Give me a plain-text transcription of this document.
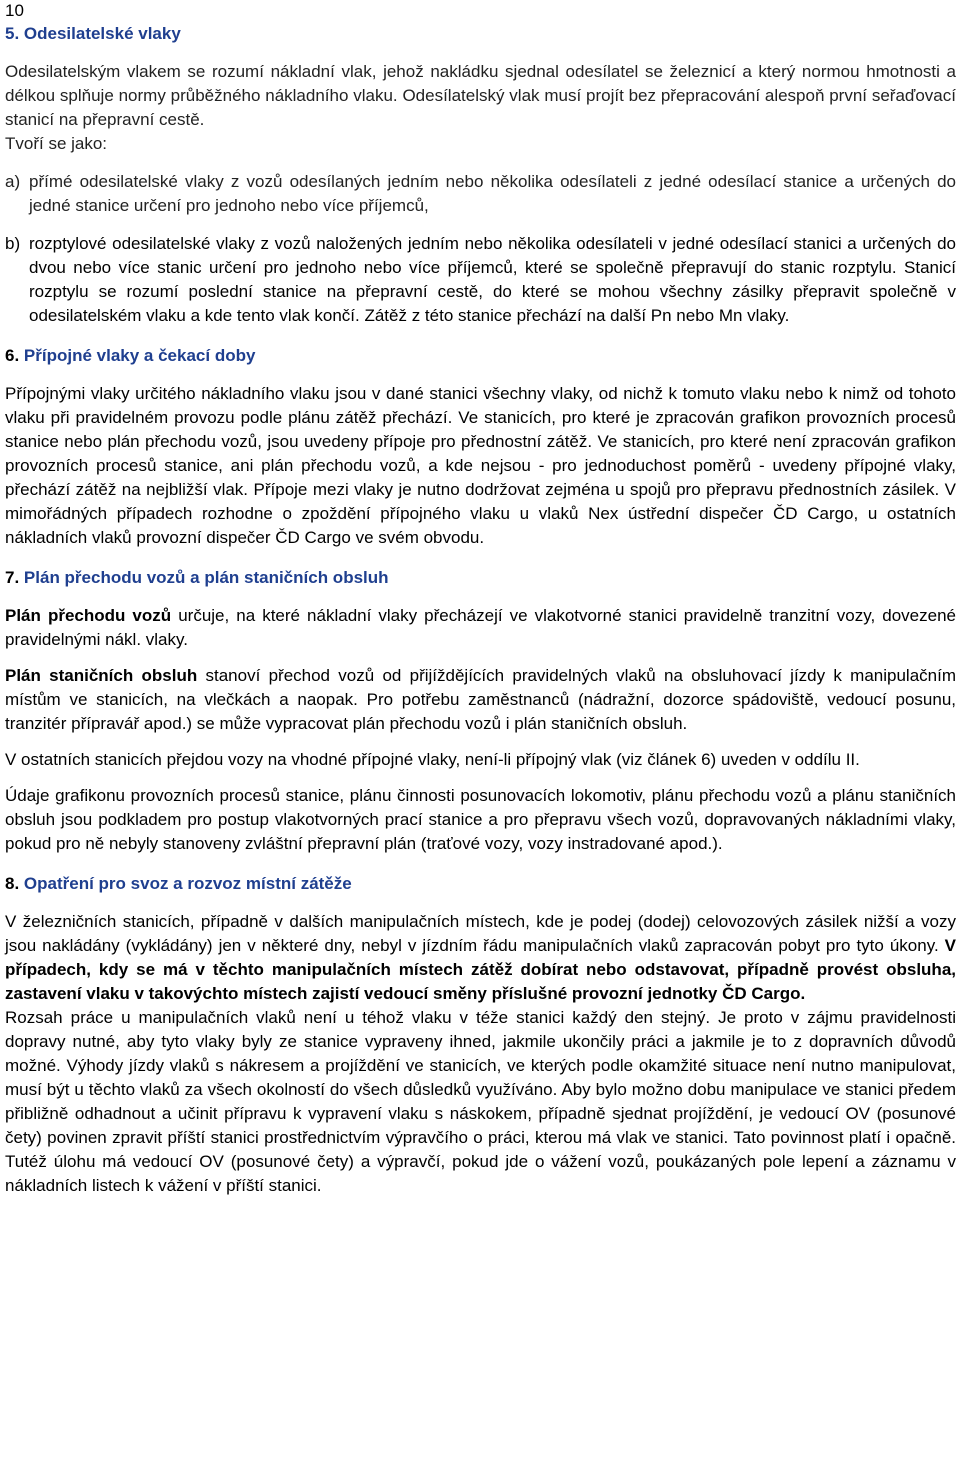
10
5. Odesilatelské vlaky

Odesilatelským vlakem se rozumí nákladní vlak, jehož nakládku sjednal odesílatel se železnicí a který normou hmotnosti a délkou splňuje normy průběžného nákladního vlaku. Odesílatelský vlak musí projít bez přepracování alespoň první seřaďovací stanicí na přepravní cestě.

Tvoří se jako:

a) přímé odesilatelské vlaky z vozů odesílaných jedním nebo několika odesílateli z jedné odesílací stanice a určených do jedné stanice určení pro jednoho nebo více příjemců,
b) rozptylové odesilatelské vlaky z vozů naložených jedním nebo několika odesílateli v jedné odesílací stanici a určených do dvou nebo více stanic určení pro jednoho nebo více příjemců, které se společně přepravují do stanic rozptylu. Stanicí rozptylu se rozumí poslední stanice na přepravní cestě, do které se mohou všechny zásilky přepravit společně v odesilatelském vlaku a kde tento vlak končí. Zátěž z této stanice přechází na další Pn nebo Mn vlaky.
6. Přípojné vlaky a čekací doby

Přípojnými vlaky určitého nákladního vlaku jsou v dané stanici všechny vlaky, od nichž k tomuto vlaku nebo k nimž od tohoto vlaku při pravidelném provozu podle plánu zátěž přechází. Ve stanicích, pro které je zpracován grafikon provozních procesů stanice nebo plán přechodu vozů, jsou uvedeny přípoje pro přednostní zátěž. Ve stanicích, pro které není zpracován grafikon provozních procesů stanice, ani plán přechodu vozů, a kde nejsou - pro jednoduchost poměrů - uvedeny přípojné vlaky, přechází zátěž na nejbližší vlak. Přípoje mezi vlaky je nutno dodržovat zejména u spojů pro přepravu přednostních zásilek. V mimořádných případech rozhodne o zpoždění přípojného vlaku u vlaků Nex ústřední dispečer ČD Cargo, u ostatních nákladních vlaků provozní dispečer ČD Cargo ve svém obvodu.

7. Plán přechodu vozů a plán staničních obsluh

Plán přechodu vozů určuje, na které nákladní vlaky přecházejí ve vlakotvorné stanici pravidelně tranzitní vozy, dovezené pravidelnými nákl. vlaky.

Plán staničních obsluh stanoví přechod vozů od přijíždějících pravidelných vlaků na obsluhovací jízdy k manipulačním místům ve stanicích, na vlečkách a naopak. Pro potřebu zaměstnanců (nádražní, dozorce spádoviště, vedoucí posunu, tranzitér přípravář apod.) se může vypracovat plán přechodu vozů i plán staničních obsluh.

V ostatních stanicích přejdou vozy na vhodné přípojné vlaky, není-li přípojný vlak (viz článek 6) uveden v oddílu II.

Údaje grafikonu provozních procesů stanice, plánu činnosti posunovacích lokomotiv, plánu přechodu vozů a plánu staničních obsluh jsou podkladem pro postup vlakotvorných prací stanice a pro přepravu všech vozů, dopravovaných nákladními vlaky, pokud pro ně nebyly stanoveny zvláštní přepravní plán (traťové vozy, vozy instradované apod.).

8. Opatření pro svoz a rozvoz místní zátěže

V železničních stanicích, případně v dalších manipulačních místech, kde je podej (dodej) celovozových zásilek nižší a vozy jsou nakládány (vykládány) jen v některé dny, nebyl v jízdním řádu manipulačních vlaků zapracován pobyt pro tyto úkony. V případech, kdy se má v těchto manipulačních místech zátěž dobírat nebo odstavovat, případně provést obsluha, zastavení vlaku v takovýchto místech zajistí vedoucí směny příslušné provozní jednotky ČD Cargo.

Rozsah práce u manipulačních vlaků není u téhož vlaku v téže stanici každý den stejný. Je proto v zájmu pravidelnosti dopravy nutné, aby tyto vlaky byly ze stanice vypraveny ihned, jakmile ukončily práci a jakmile je to z dopravních důvodů možné. Výhody jízdy vlaků s nákresem a projíždění ve stanicích, ve kterých podle okamžité situace není nutno manipulovat, musí být u těchto vlaků za všech okolností do všech důsledků využíváno. Aby bylo možno dobu manipulace ve stanici předem přibližně odhadnout a učinit přípravu k vypravení vlaku s náskokem, případně sjednat projíždění, je vedoucí OV (posunové čety) povinen zpravit příští stanici prostřednictvím výpravčího o práci, kterou má vlak ve stanici. Tato povinnost platí i opačně. Tutéž úlohu má vedoucí OV (posunové čety) a výpravčí, pokud jde o vážení vozů, poukázaných pole lepení a záznamu v nákladních listech k vážení v příští stanici.
